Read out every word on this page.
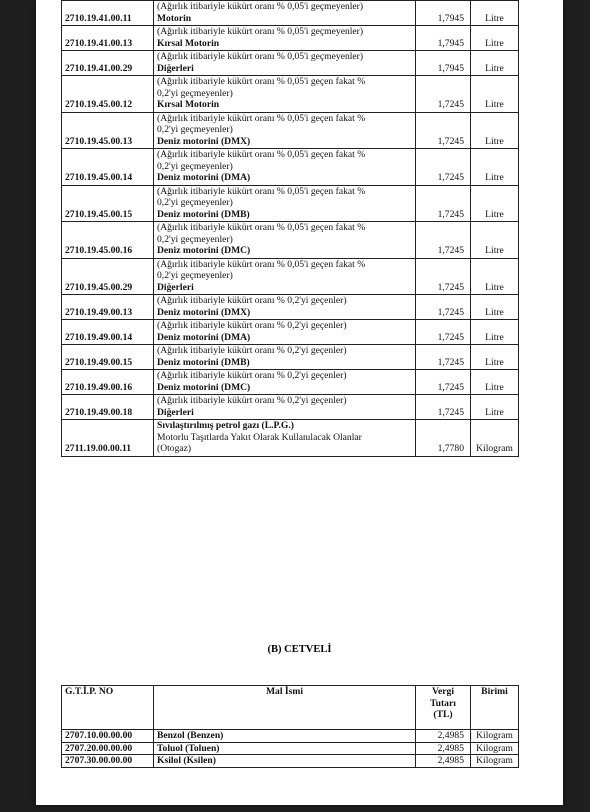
2710.19.41.00.11	(Ağırlık itibariyle kükürt oranı % 0,05'i geçmeyenler)
Motorin	1,7945	Litre
2710.19.41.00.13	(Ağırlık itibariyle kükürt oranı % 0,05'i geçmeyenler)
Kırsal Motorin	1,7945	Litre
2710.19.41.00.29	(Ağırlık itibariyle kükürt oranı % 0,05'i geçmeyenler)
Diğerleri	1,7945	Litre
2710.19.45.00.12	(Ağırlık itibariyle kükürt oranı % 0,05'i geçen fakat %
0,2'yi geçmeyenler)
Kırsal Motorin	1,7245	Litre
2710.19.45.00.13	(Ağırlık itibariyle kükürt oranı % 0,05'i geçen fakat %
0,2'yi geçmeyenler)
Deniz motorini (DMX)	1,7245	Litre
2710.19.45.00.14	(Ağırlık itibariyle kükürt oranı % 0,05'i geçen fakat %
0,2'yi geçmeyenler)
Deniz motorini (DMA)	1,7245	Litre
2710.19.45.00.15	(Ağırlık itibariyle kükürt oranı % 0,05'i geçen fakat %
0,2'yi geçmeyenler)
Deniz motorini (DMB)	1,7245	Litre
2710.19.45.00.16	(Ağırlık itibariyle kükürt oranı % 0,05'i geçen fakat %
0,2'yi geçmeyenler)
Deniz motorini (DMC)	1,7245	Litre
2710.19.45.00.29	(Ağırlık itibariyle kükürt oranı % 0,05'i geçen fakat %
0,2'yi geçmeyenler)
Diğerleri	1,7245	Litre
2710.19.49.00.13	(Ağırlık itibariyle kükürt oranı % 0,2'yi geçenler)
Deniz motorini (DMX)	1,7245	Litre
2710.19.49.00.14	(Ağırlık itibariyle kükürt oranı % 0,2'yi geçenler)
Deniz motorini (DMA)	1,7245	Litre
2710.19.49.00.15	(Ağırlık itibariyle kükürt oranı % 0,2'yi geçenler)
Deniz motorini (DMB)	1,7245	Litre
2710.19.49.00.16	(Ağırlık itibariyle kükürt oranı % 0,2'yi geçenler)
Deniz motorini (DMC)	1,7245	Litre
2710.19.49.00.18	(Ağırlık itibariyle kükürt oranı % 0,2'yi geçenler)
Diğerleri	1,7245	Litre
2711.19.00.00.11	Sıvılaştırılmış petrol gazı (L.P.G.)
Motorlu Taşıtlarda Yakıt Olarak Kullanılacak Olanlar
(Otogaz)	1,7780	Kilogram
(B) CETVELİ
G.T.İ.P. NO	Mal İsmi	Vergi
Tutarı
(TL)	Birimi
2707.10.00.00.00	Benzol (Benzen)	2,4985	Kilogram
2707.20.00.00.00	Toluol (Toluen)	2,4985	Kilogram
2707.30.00.00.00	Ksilol (Ksilen)	2,4985	Kilogram
